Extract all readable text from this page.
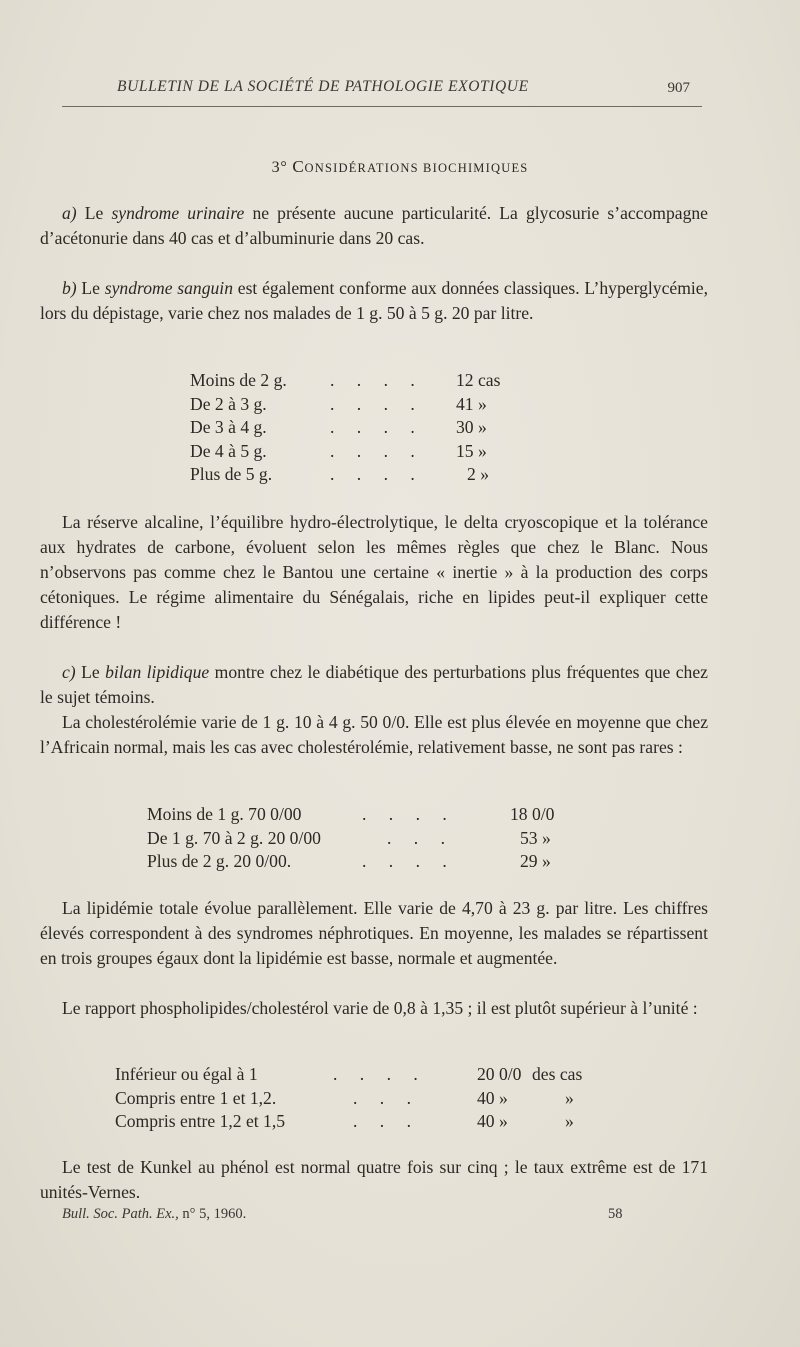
BULLETIN DE LA SOCIÉTÉ DE PATHOLOGIE EXOTIQUE	907
3° CONSIDÉRATIONS BIOCHIMIQUES

a) Le syndrome urinaire ne présente aucune particularité. La glycosurie s’accompagne d’acétonurie dans 40 cas et d’albuminurie dans 20 cas.

b) Le syndrome sanguin est également conforme aux données classiques. L’hyperglycémie, lors du dépistage, varie chez nos malades de 1 g. 50 à 5 g. 20 par litre.

Moins de 2 g. . . . . 12 cas
De 2 à 3 g.	. . . . 41 »
De 3 à 4 g.	. . . . 30 »
De 4 à 5 g.	. . . . 15 »
Plus de 5 g.	. . . . 2 »

La réserve alcaline, l’équilibre hydro-électrolytique, le delta cryoscopique et la tolérance aux hydrates de carbone, évoluent selon les mêmes règles que chez le Blanc. Nous n’observons pas comme chez le Bantou une certaine « inertie » à la production des corps cétoniques. Le régime alimentaire du Sénégalais, riche en lipides peut-il expliquer cette différence !

c) Le bilan lipidique montre chez le diabétique des perturbations plus fréquentes que chez le sujet témoins.

La cholestérolémie varie de 1 g. 10 à 4 g. 50 0/0. Elle est plus élevée en moyenne que chez l’Africain normal, mais les cas avec cholestérolémie, relativement basse, ne sont pas rares :

Moins de 1 g. 70 0/00	. . . .	18 0/0
De 1 g. 70 à 2 g. 20 0/00	. . .	53 »
Plus de 2 g. 20 0/00.	. . . .	29 »

La lipidémie totale évolue parallèlement. Elle varie de 4,70 à 23 g. par litre. Les chiffres élevés correspondent à des syndromes néphrotiques. En moyenne, les malades se répartissent en trois groupes égaux dont la lipidémie est basse, normale et augmentée.

Le rapport phospholipides/cholestérol varie de 0,8 à 1,35 ; il est plutôt supérieur à l’unité :

Inférieur ou égal à 1	. . . .	20 0/0 des cas
Compris entre 1 et 1,2.	. . .	40 »	»
Compris entre 1,2 et 1,5	. . .	40 »	»

Le test de Kunkel au phénol est normal quatre fois sur cinq ; le taux extrême est de 171 unités-Vernes.

Bull. Soc. Path. Ex., n° 5, 1960.	58
